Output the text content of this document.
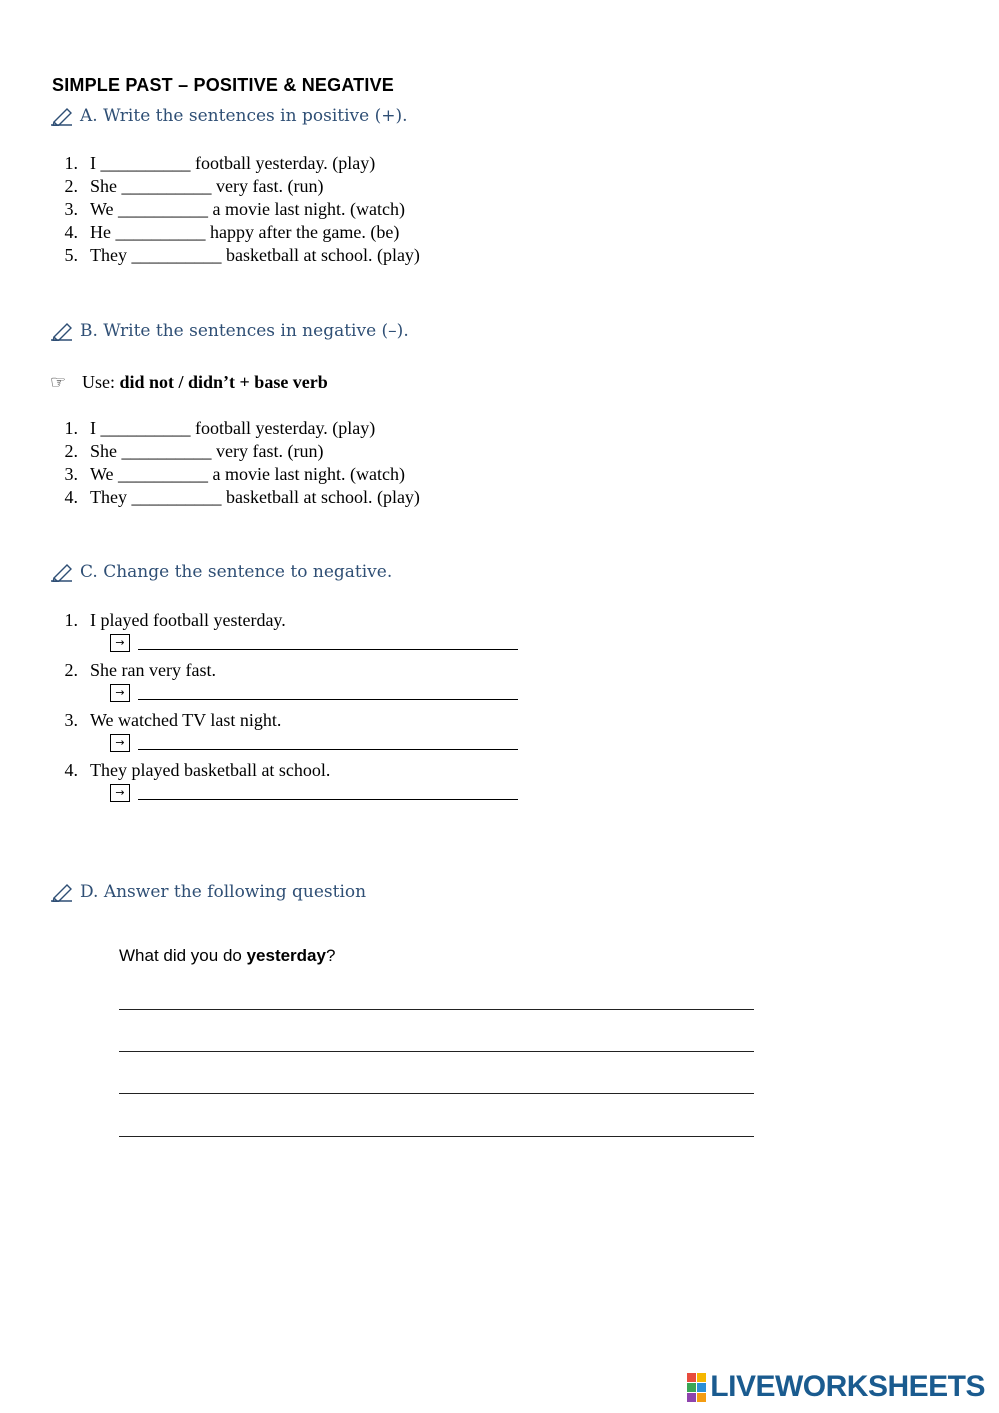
SIMPLE PAST – POSITIVE & NEGATIVE
A. Write the sentences in positive (+).
1. I __________ football yesterday. (play)
2. She __________ very fast. (run)
3. We __________ a movie last night. (watch)
4. He __________ happy after the game. (be)
5. They __________ basketball at school. (play)
B. Write the sentences in negative (–).
☞ Use:
did not / didn’t + base verb
1. I __________ football yesterday. (play)
2. She __________ very fast. (run)
3. We __________ a movie last night. (watch)
4. They __________ basketball at school. (play)
C. Change the sentence to negative.
1. I played football yesterday.
→
2. She ran very fast.
→
3. We watched TV last night.
→
4. They played basketball at school.
→
D. Answer the following question
What did you do yesterday?
LIVEWORKSHEETS
